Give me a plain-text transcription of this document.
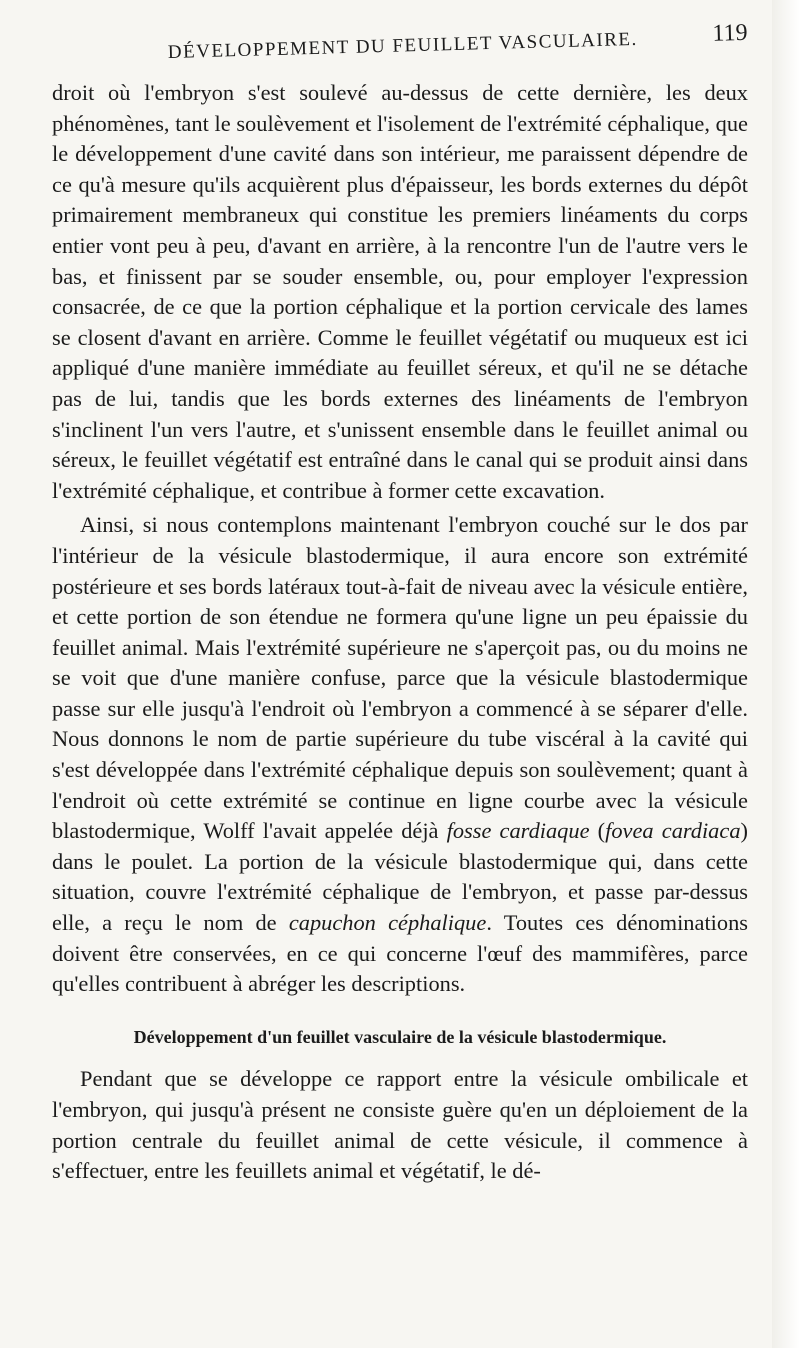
DÉVELOPPEMENT DU FEUILLET VASCULAIRE.	119

droit où l'embryon s'est soulevé au-dessus de cette dernière, les deux phénomènes, tant le soulèvement et l'isolement de l'extrémité céphalique, que le développement d'une cavité dans son intérieur, me paraissent dépendre de ce qu'à mesure qu'ils acquièrent plus d'épaisseur, les bords externes du dépôt primairement membraneux qui constitue les premiers linéaments du corps entier vont peu à peu, d'avant en arrière, à la rencontre l'un de l'autre vers le bas, et finissent par se souder ensemble, ou, pour employer l'expression consacrée, de ce que la portion céphalique et la portion cervicale des lames se closent d'avant en arrière. Comme le feuillet végétatif ou muqueux est ici appliqué d'une manière immédiate au feuillet séreux, et qu'il ne se détache pas de lui, tandis que les bords externes des linéaments de l'embryon s'inclinent l'un vers l'autre, et s'unissent ensemble dans le feuillet animal ou séreux, le feuillet végétatif est entraîné dans le canal qui se produit ainsi dans l'extrémité céphalique, et contribue à former cette excavation.

Ainsi, si nous contemplons maintenant l'embryon couché sur le dos par l'intérieur de la vésicule blastodermique, il aura encore son extrémité postérieure et ses bords latéraux tout-à-fait de niveau avec la vésicule entière, et cette portion de son étendue ne formera qu'une ligne un peu épaissie du feuillet animal. Mais l'extrémité supérieure ne s'aperçoit pas, ou du moins ne se voit que d'une manière confuse, parce que la vésicule blastodermique passe sur elle jusqu'à l'endroit où l'embryon a commencé à se séparer d'elle. Nous donnons le nom de partie supérieure du tube viscéral à la cavité qui s'est développée dans l'extrémité céphalique depuis son soulèvement; quant à l'endroit où cette extrémité se continue en ligne courbe avec la vésicule blastodermique, Wolff l'avait appelée déjà fosse cardiaque (fovea cardiaca) dans le poulet. La portion de la vésicule blastodermique qui, dans cette situation, couvre l'extrémité céphalique de l'embryon, et passe par-dessus elle, a reçu le nom de capuchon céphalique. Toutes ces dénominations doivent être conservées, en ce qui concerne l'œuf des mammifères, parce qu'elles contribuent à abréger les descriptions.

Développement d'un feuillet vasculaire de la vésicule blastodermique.

Pendant que se développe ce rapport entre la vésicule ombilicale et l'embryon, qui jusqu'à présent ne consiste guère qu'en un déploiement de la portion centrale du feuillet animal de cette vésicule, il commence à s'effectuer, entre les feuillets animal et végétatif, le dé-
